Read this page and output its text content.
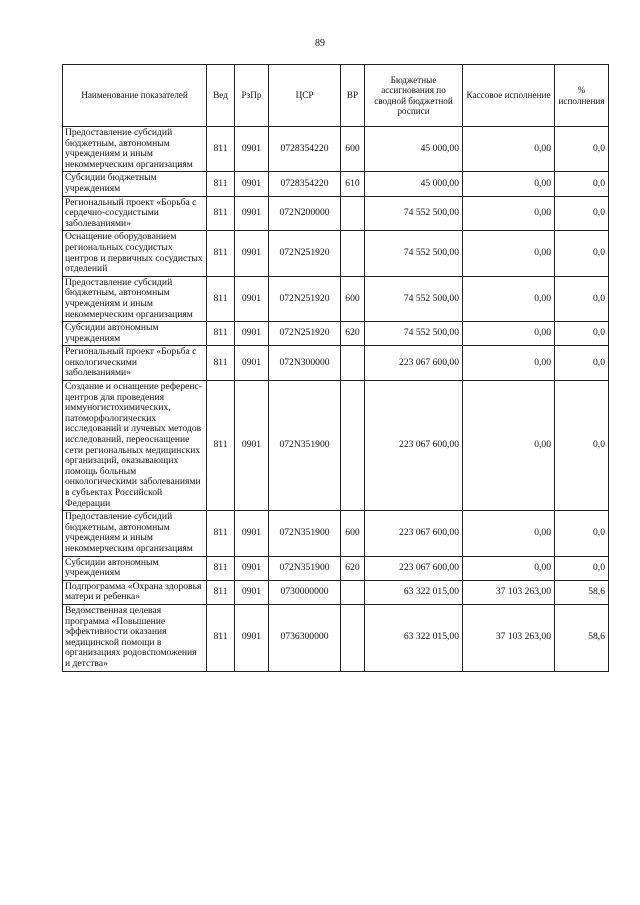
89
Наименование показателей	Вед	РзПр	ЦСР	ВР	Бюджетные ассигнования по сводной бюджетной росписи	Кассовое исполнение	% исполнения
Предоставление субсидий бюджетным, автономным учреждениям и иным некоммерческим организациям	811	0901	0728354220	600	45 000,00	0,00	0,0
Субсидии бюджетным учреждениям	811	0901	0728354220	610	45 000,00	0,00	0,0
Региональный проект «Борьба с сердечно-сосудистыми заболеваниями»	811	0901	072N200000		74 552 500,00	0,00	0,0
Оснащение оборудованием региональных сосудистых центров и первичных сосудистых отделений	811	0901	072N251920		74 552 500,00	0,00	0,0
Предоставление субсидий бюджетным, автономным учреждениям и иным некоммерческим организациям	811	0901	072N251920	600	74 552 500,00	0,00	0,0
Субсидии автономным учреждениям	811	0901	072N251920	620	74 552 500,00	0,00	0,0
Региональный проект «Борьба с онкологическими заболеваниями»	811	0901	072N300000		223 067 600,00	0,00	0,0
Создание и оснащение референс-центров для проведения иммуногистохимических, патоморфологических исследований и лучевых методов исследований, переоснащение сети региональных медицинских организаций, оказывающих помощь больным онкологическими заболеваниями в субъектах Российской Федерации	811	0901	072N351900		223 067 600,00	0,00	0,0
Предоставление субсидий бюджетным, автономным учреждениям и иным некоммерческим организациям	811	0901	072N351900	600	223 067 600,00	0,00	0,0
Субсидии автономным учреждениям	811	0901	072N351900	620	223 067 600,00	0,00	0,0
Подпрограмма «Охрана здоровья матери и ребенка»	811	0901	0730000000		63 322 015,00	37 103 263,00	58,6
Ведомственная целевая программа «Повышение эффективности оказания медицинской помощи в организациях родовспоможения и детства»	811	0901	0736300000		63 322 015,00	37 103 263,00	58,6
